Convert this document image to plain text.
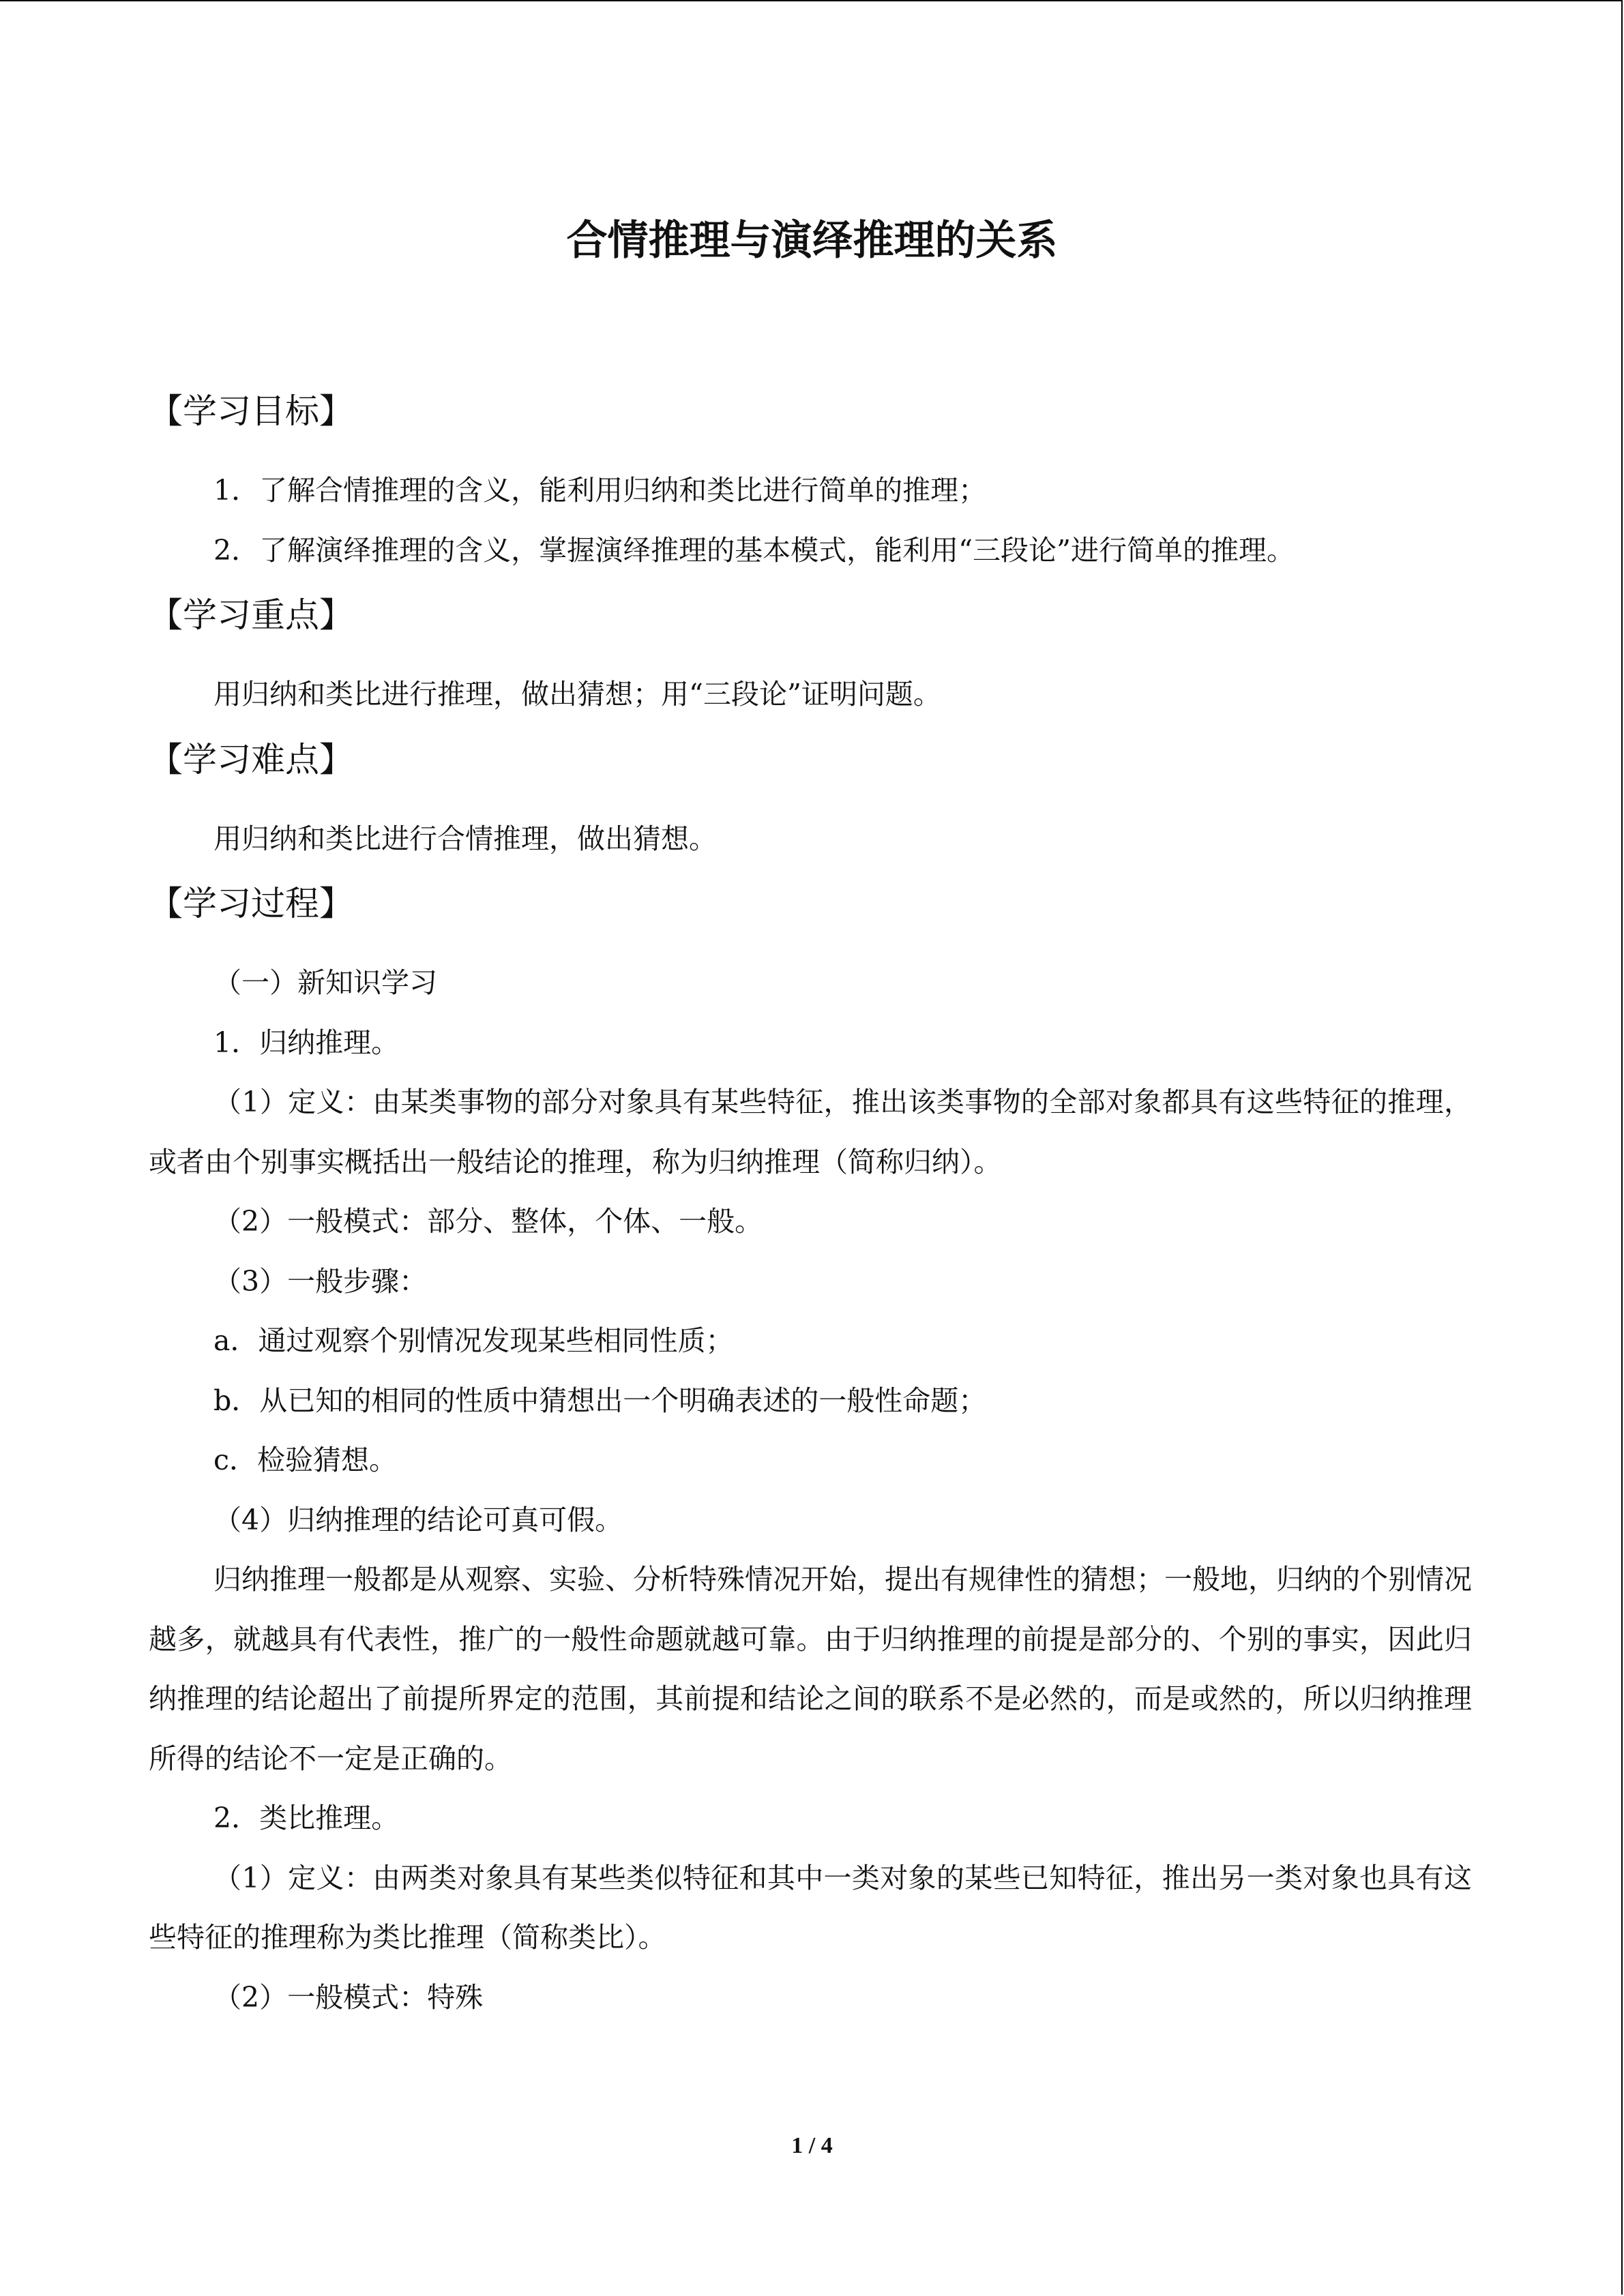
合情推理与演绎推理的关系
【学习目标】

1．了解合情推理的含义，能利用归纳和类比进行简单的推理；

2．了解演绎推理的含义，掌握演绎推理的基本模式，能利用“三段论”进行简单的推理。

【学习重点】

用归纳和类比进行推理，做出猜想；用“三段论”证明问题。

【学习难点】

用归纳和类比进行合情推理，做出猜想。

【学习过程】

（一）新知识学习

1．归纳推理。

（1）定义：由某类事物的部分对象具有某些特征，推出该类事物的全部对象都具有这些特征的推理，或者由个别事实概括出一般结论的推理，称为归纳推理（简称归纳）。

（2）一般模式：部分、整体，个体、一般。

（3）一般步骤：

a．通过观察个别情况发现某些相同性质；

b．从已知的相同的性质中猜想出一个明确表述的一般性命题；

c．检验猜想。

（4）归纳推理的结论可真可假。

归纳推理一般都是从观察、实验、分析特殊情况开始，提出有规律性的猜想；一般地，归纳的个别情况越多，就越具有代表性，推广的一般性命题就越可靠。由于归纳推理的前提是部分的、个别的事实，因此归纳推理的结论超出了前提所界定的范围，其前提和结论之间的联系不是必然的，而是或然的，所以归纳推理所得的结论不一定是正确的。

2．类比推理。

（1）定义：由两类对象具有某些类似特征和其中一类对象的某些已知特征，推出另一类对象也具有这些特征的推理称为类比推理（简称类比）。

（2）一般模式：特殊

1 / 4
